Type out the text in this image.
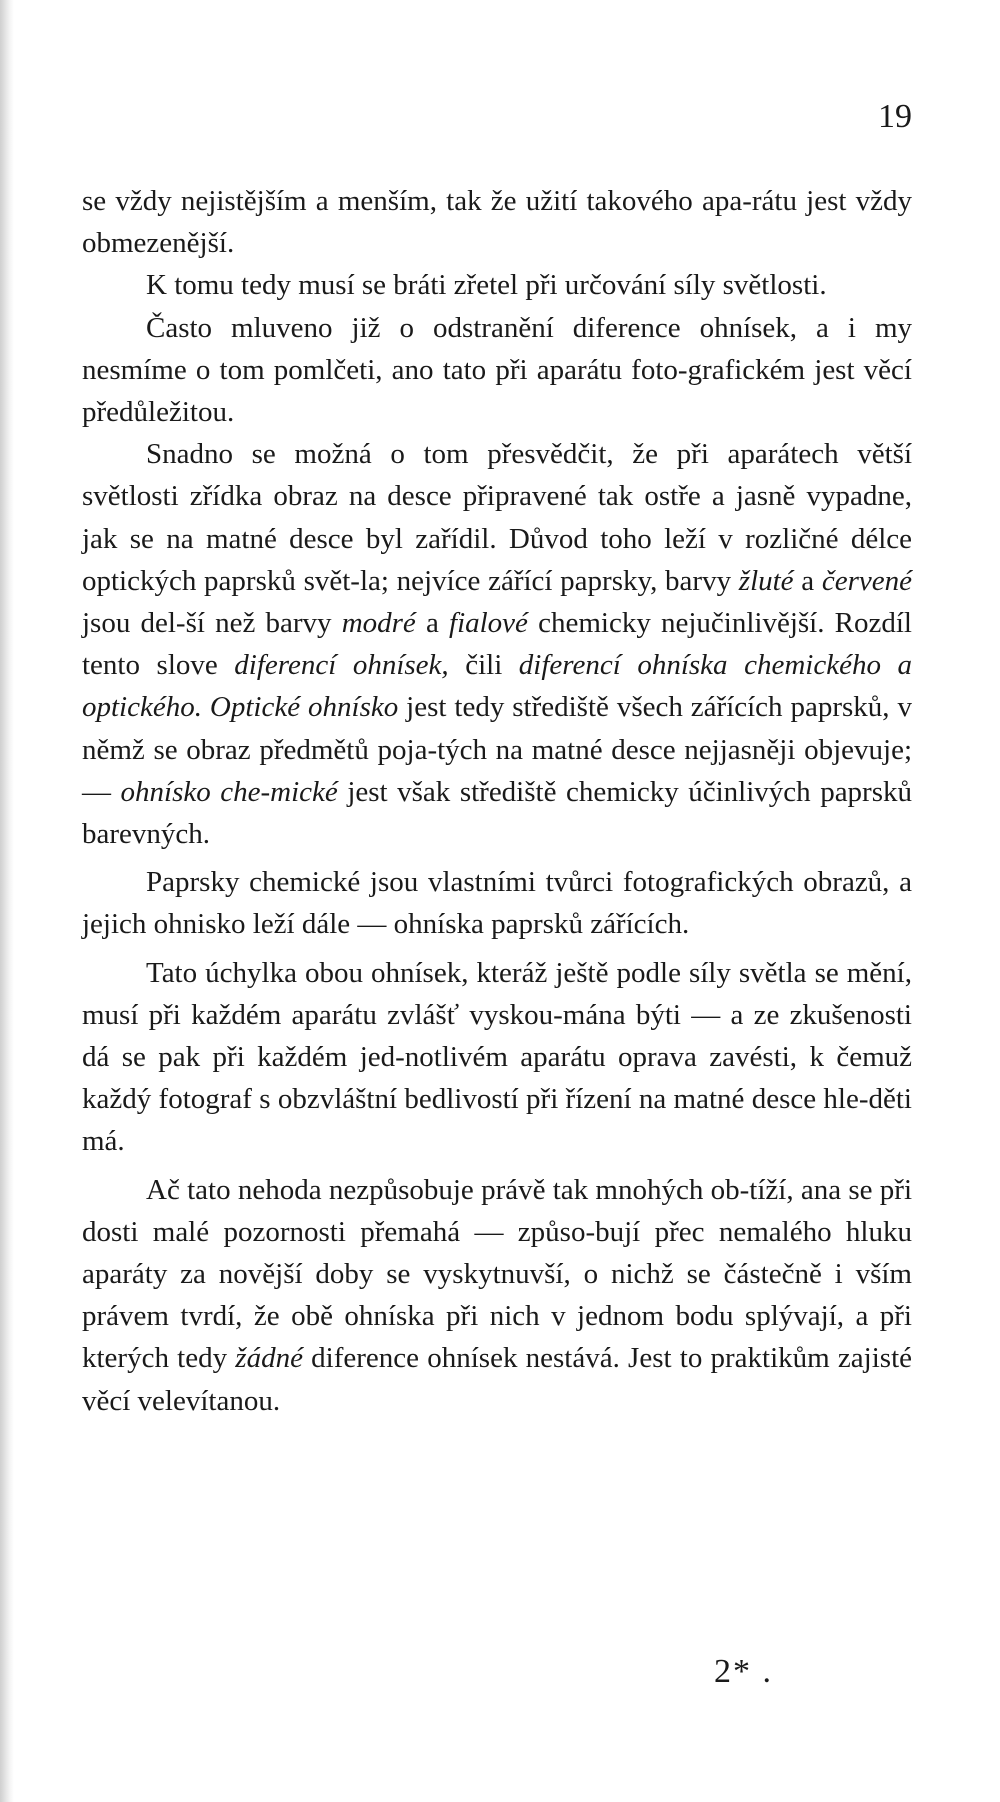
19

se vždy nejistějším a menším, tak že užití takového apa-rátu jest vždy obmezenější.

K tomu tedy musí se bráti zřetel při určování síly světlosti.

Často mluveno již o odstranění diference ohnísek, a i my nesmíme o tom pomlčeti, ano tato při aparátu foto-grafickém jest věcí předůležitou.

Snadno se možná o tom přesvědčit, že při aparátech větší světlosti zřídka obraz na desce připravené tak ostře a jasně vypadne, jak se na matné desce byl zařídil. Důvod toho leží v rozličné délce optických paprsků svět-la; nejvíce zářící paprsky, barvy žluté a červené jsou del-ší než barvy modré a fialové chemicky nejučinlivější. Rozdíl tento slove diferencí ohnísek, čili diferencí ohníska chemického a optického. Optické ohnísko jest tedy střediště všech zářících paprsků, v němž se obraz předmětů poja-tých na matné desce nejjasněji objevuje; — ohnísko che-mické jest však střediště chemicky účinlivých paprsků barevných.

Paprsky chemické jsou vlastními tvůrci fotografických obrazů, a jejich ohnisko leží dále — ohníska paprsků zářících.

Tato úchylka obou ohnísek, kteráž ještě podle síly světla se mění, musí při každém aparátu zvlášť vyskou-mána býti — a ze zkušenosti dá se pak při každém jed-notlivém aparátu oprava zavésti, k čemuž každý fotograf s obzvláštní bedlivostí při řízení na matné desce hle-děti má.

Ač tato nehoda nezpůsobuje právě tak mnohých ob-tíží, ana se při dosti malé pozornosti přemahá — způso-bují přec nemalého hluku aparáty za novější doby se vyskytnuvší, o nichž se částečně i vším právem tvrdí, že obě ohníska při nich v jednom bodu splývají, a při kterých tedy žádné diference ohnísek nestává. Jest to praktikům zajisté věcí velevítanou.

2* .
